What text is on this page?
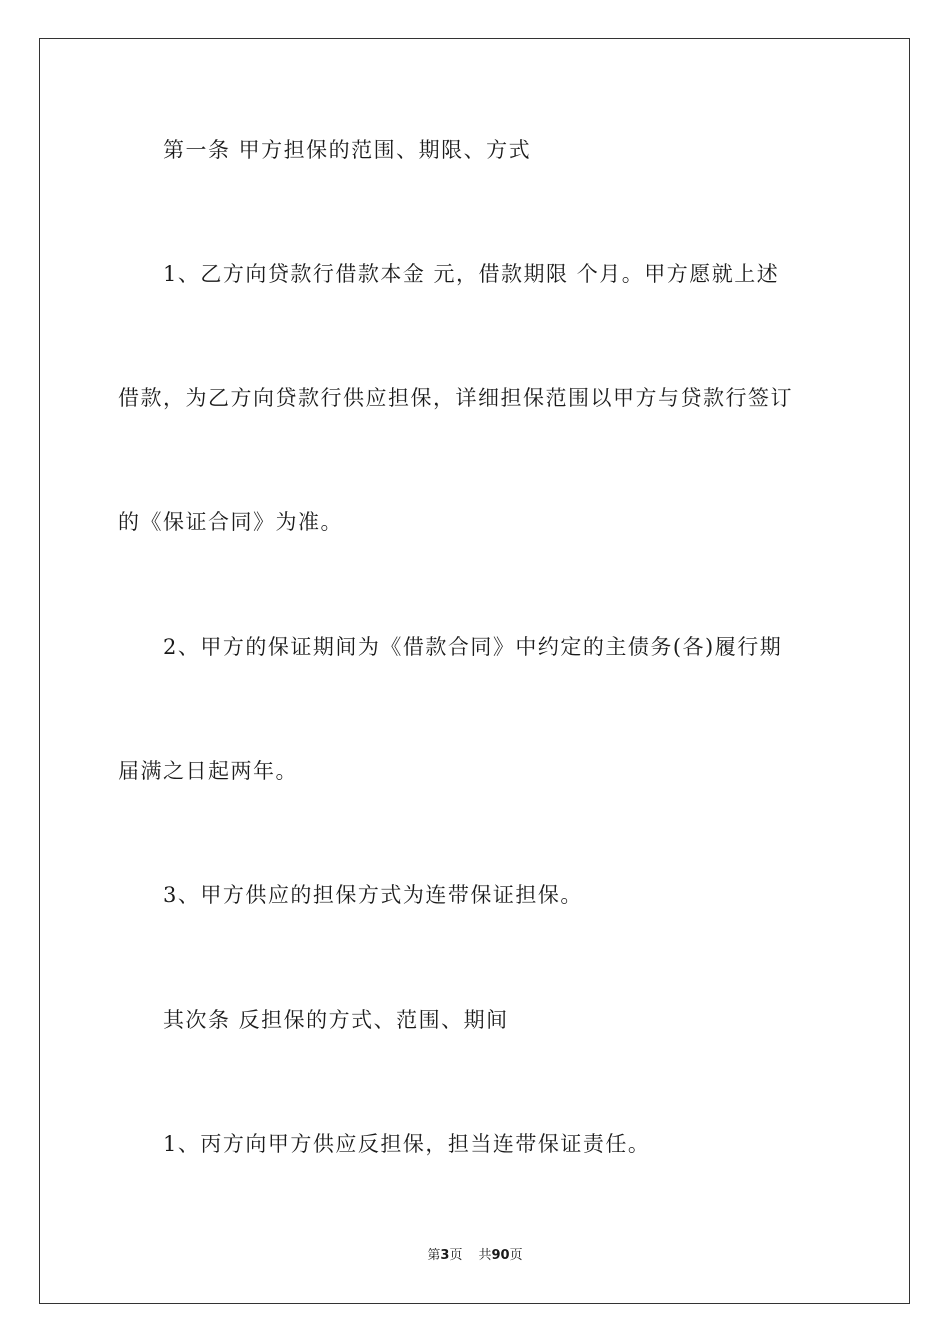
第一条 甲方担保的范围、期限、方式
1、乙方向贷款行借款本金 元，借款期限 个月。甲方愿就上述
借款，为乙方向贷款行供应担保，详细担保范围以甲方与贷款行签订
的《保证合同》为准。
2、甲方的保证期间为《借款合同》中约定的主债务(各)履行期
届满之日起两年。
3、甲方供应的担保方式为连带保证担保。
其次条 反担保的方式、范围、期间
1、丙方向甲方供应反担保，担当连带保证责任。
第3页 共90页
